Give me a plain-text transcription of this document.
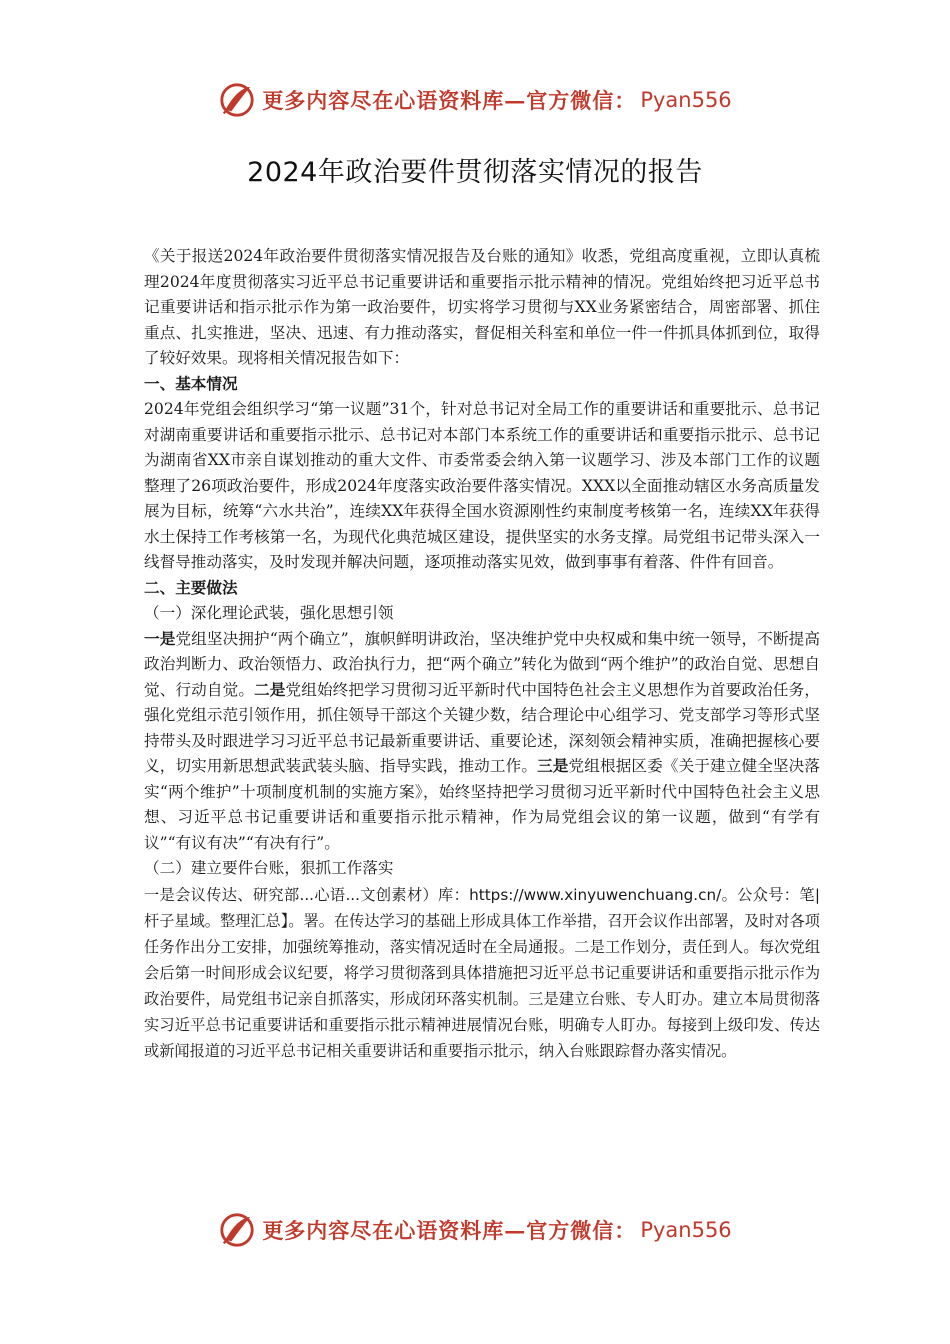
更多内容尽在心语资料库—官方微信： Pyan556
2024年政治要件贯彻落实情况的报告

《关于报送2024年政治要件贯彻落实情况报告及台账的通知》收悉，党组高度重视，立即认真梳理2024年度贯彻落实习近平总书记重要讲话和重要指示批示精神的情况。党组始终把习近平总书记重要讲话和指示批示作为第一政治要件，切实将学习贯彻与XX业务紧密结合，周密部署、抓住重点、扎实推进，坚决、迅速、有力推动落实，督促相关科室和单位一件一件抓具体抓到位，取得了较好效果。现将相关情况报告如下：

一、基本情况

2024年党组会组织学习“第一议题”31个，针对总书记对全局工作的重要讲话和重要批示、总书记对湖南重要讲话和重要指示批示、总书记对本部门本系统工作的重要讲话和重要指示批示、总书记为湖南省XX市亲自谋划推动的重大文件、市委常委会纳入第一议题学习、涉及本部门工作的议题整理了26项政治要件，形成2024年度落实政治要件落实情况。XXX以全面推动辖区水务高质量发展为目标，统筹“六水共治”，连续XX年获得全国水资源刚性约束制度考核第一名，连续XX年获得水土保持工作考核第一名，为现代化典范城区建设，提供坚实的水务支撑。局党组书记带头深入一线督导推动落实，及时发现并解决问题，逐项推动落实见效，做到事事有着落、件件有回音。

二、主要做法

（一）深化理论武装，强化思想引领

一是党组坚决拥护“两个确立”，旗帜鲜明讲政治，坚决维护党中央权威和集中统一领导，不断提高政治判断力、政治领悟力、政治执行力，把“两个确立”转化为做到“两个维护”的政治自觉、思想自觉、行动自觉。二是党组始终把学习贯彻习近平新时代中国特色社会主义思想作为首要政治任务，强化党组示范引领作用，抓住领导干部这个关键少数，结合理论中心组学习、党支部学习等形式坚持带头及时跟进学习习近平总书记最新重要讲话、重要论述，深刻领会精神实质，准确把握核心要义，切实用新思想武装武装头脑、指导实践，推动工作。三是党组根据区委《关于建立健全坚决落实“两个维护”十项制度机制的实施方案》，始终坚持把学习贯彻习近平新时代中国特色社会主义思想、习近平总书记重要讲话和重要指示批示精神，作为局党组会议的第一议题，做到“有学有议”“有议有决”“有决有行”。

（二）建立要件台账，狠抓工作落实

一是会议传达、研究部...心语...文创素材）库：https://www.xinyuwenchuang.cn/。公众号：笔|杆子星域。整理汇总】。署。在传达学习的基础上形成具体工作举措，召开会议作出部署，及时对各项任务作出分工安排，加强统筹推动，落实情况适时在全局通报。二是工作划分，责任到人。每次党组会后第一时间形成会议纪要，将学习贯彻落到具体措施把习近平总书记重要讲话和重要指示批示作为政治要件，局党组书记亲自抓落实，形成闭环落实机制。三是建立台账、专人盯办。建立本局贯彻落实习近平总书记重要讲话和重要指示批示精神进展情况台账，明确专人盯办。每接到上级印发、传达或新闻报道的习近平总书记相关重要讲话和重要指示批示，纳入台账跟踪督办落实情况。

更多内容尽在心语资料库—官方微信： Pyan556
